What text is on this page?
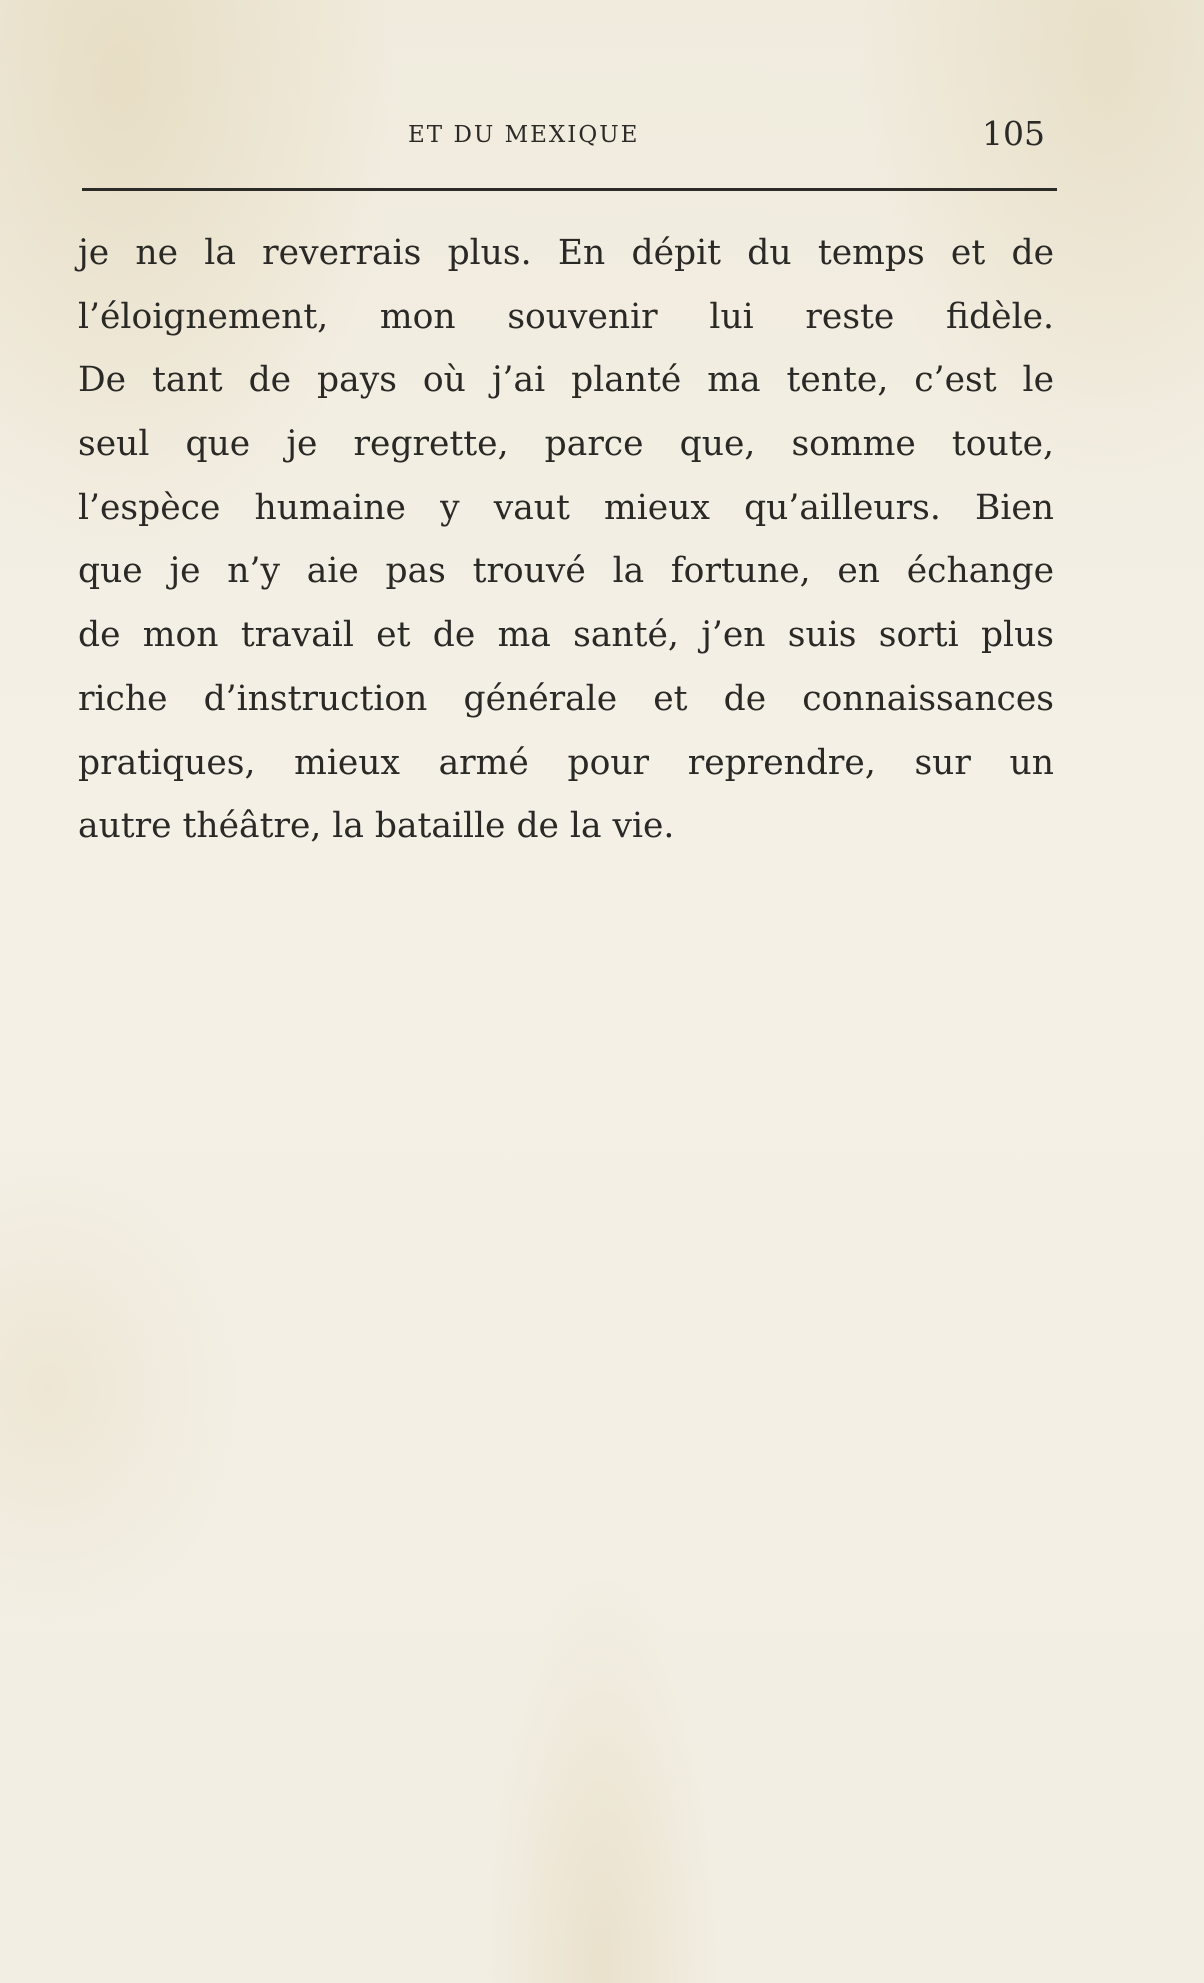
ET DU MEXIQUE	105
je ne la reverrais plus. En dépit du temps et de
l’éloignement, mon souvenir lui reste fidèle.
De tant de pays où j’ai planté ma tente, c’est le
seul que je regrette, parce que, somme toute,
l’espèce humaine y vaut mieux qu’ailleurs. Bien
que je n’y aie pas trouvé la fortune, en échange
de mon travail et de ma santé, j’en suis sorti plus
riche d’instruction générale et de connaissances
pratiques, mieux armé pour reprendre, sur un
autre théâtre, la bataille de la vie.
